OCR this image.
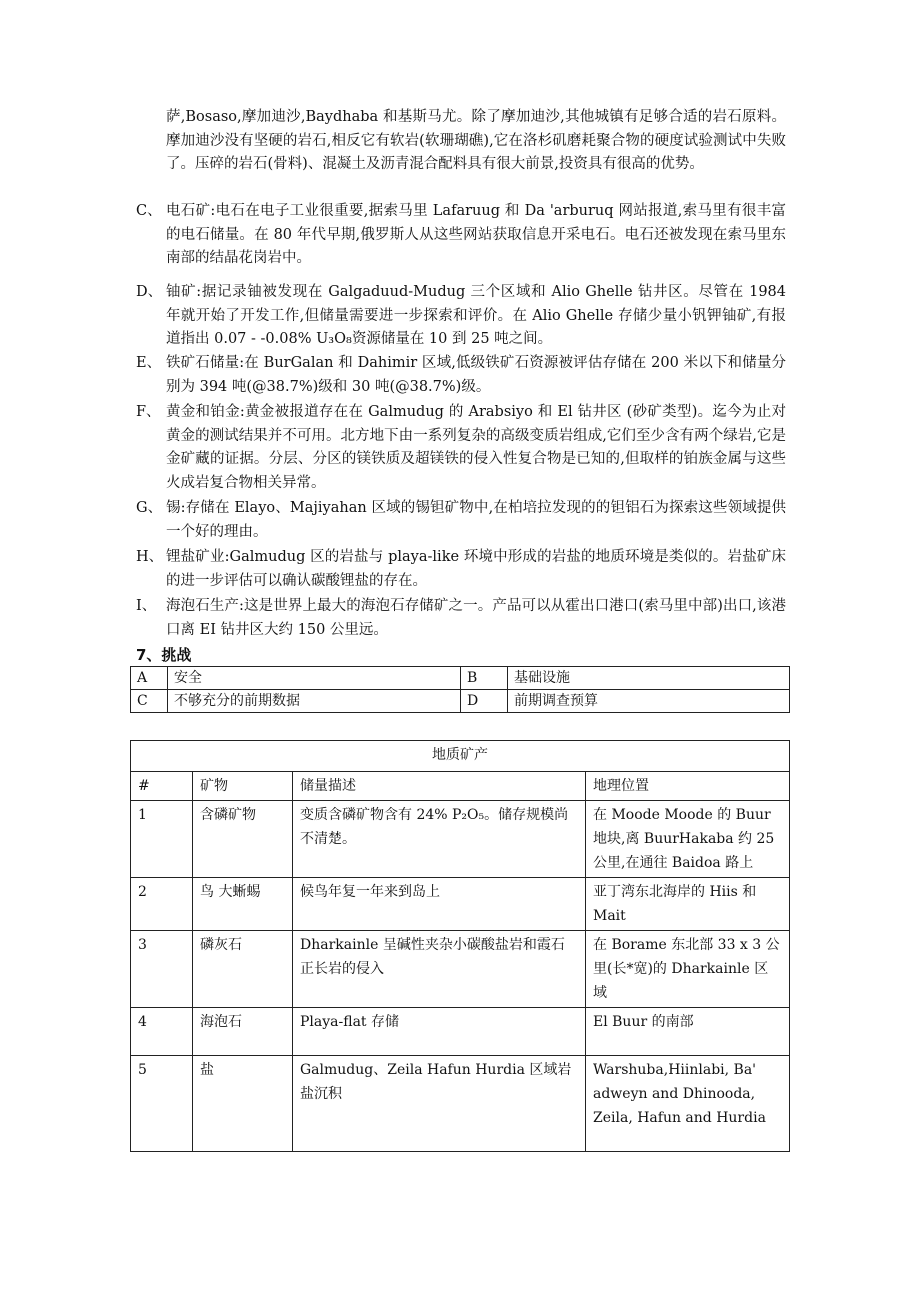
萨,Bosaso,摩加迪沙,Baydhaba 和基斯马尤。除了摩加迪沙,其他城镇有足够合适的岩石原料。摩加迪沙没有坚硬的岩石,相反它有软岩(软珊瑚礁),它在洛杉矶磨耗聚合物的硬度试验测试中失败了。压碎的岩石(骨料)、混凝土及沥青混合配料具有很大前景,投资具有很高的优势。
C、 电石矿:电石在电子工业很重要,据索马里 Lafaruug 和 Da 'arburuq 网站报道,索马里有很丰富的电石储量。在 80 年代早期,俄罗斯人从这些网站获取信息开采电石。电石还被发现在索马里东南部的结晶花岗岩中。
D、 铀矿:据记录铀被发现在 Galgaduud-Mudug 三个区域和 Alio Ghelle 钻井区。尽管在 1984 年就开始了开发工作,但储量需要进一步探索和评价。在 Alio Ghelle 存储少量小钒钾铀矿,有报道指出 0.07 - -0.08% U₃O₈资源储量在 10 到 25 吨之间。
E、 铁矿石储量:在 BurGalan 和 Dahimir 区域,低级铁矿石资源被评估存储在 200 米以下和储量分别为 394 吨(@38.7%)级和 30 吨(@38.7%)级。
F、 黄金和铂金:黄金被报道存在在 Galmudug 的 Arabsiyo 和 El 钻井区 (砂矿类型)。迄今为止对黄金的测试结果并不可用。北方地下由一系列复杂的高级变质岩组成,它们至少含有两个绿岩,它是金矿藏的证据。分层、分区的镁铁质及超镁铁的侵入性复合物是已知的,但取样的铂族金属与这些火成岩复合物相关异常。
G、 锡:存储在 Elayo、Majiyahan 区域的锡钽矿物中,在柏培拉发现的的钽铝石为探索这些领域提供一个好的理由。
H、 锂盐矿业:Galmudug 区的岩盐与 playa-like 环境中形成的岩盐的地质环境是类似的。岩盐矿床的进一步评估可以确认碳酸锂盐的存在。
I、 海泡石生产:这是世界上最大的海泡石存储矿之一。产品可以从霍出口港口(索马里中部)出口,该港口离 EI 钻井区大约 150 公里远。
7、挑战
A	安全	B	基础设施
C	不够充分的前期数据	D	前期调查预算
地质矿产			
#	矿物	储量描述	地理位置
1	含磷矿物	变质含磷矿物含有 24% P₂O₅。储存规模尚不清楚。	在 Moode Moode 的 Buur 地块,离 BuurHakaba 约 25 公里,在通往 Baidoa 路上
2	鸟 大蜥蜴	候鸟年复一年来到岛上	亚丁湾东北海岸的 Hiis 和 Mait
3	磷灰石	Dharkainle 呈碱性夹杂小碳酸盐岩和霞石正长岩的侵入	在 Borame 东北部 33 x 3 公里(长*宽)的 Dharkainle 区域
4	海泡石	Playa-flat 存储	El Buur 的南部
5	盐	Galmudug、Zeila Hafun Hurdia 区域岩盐沉积	Warshuba,Hiinlabi, Ba' adweyn and Dhinooda, Zeila, Hafun and Hurdia
